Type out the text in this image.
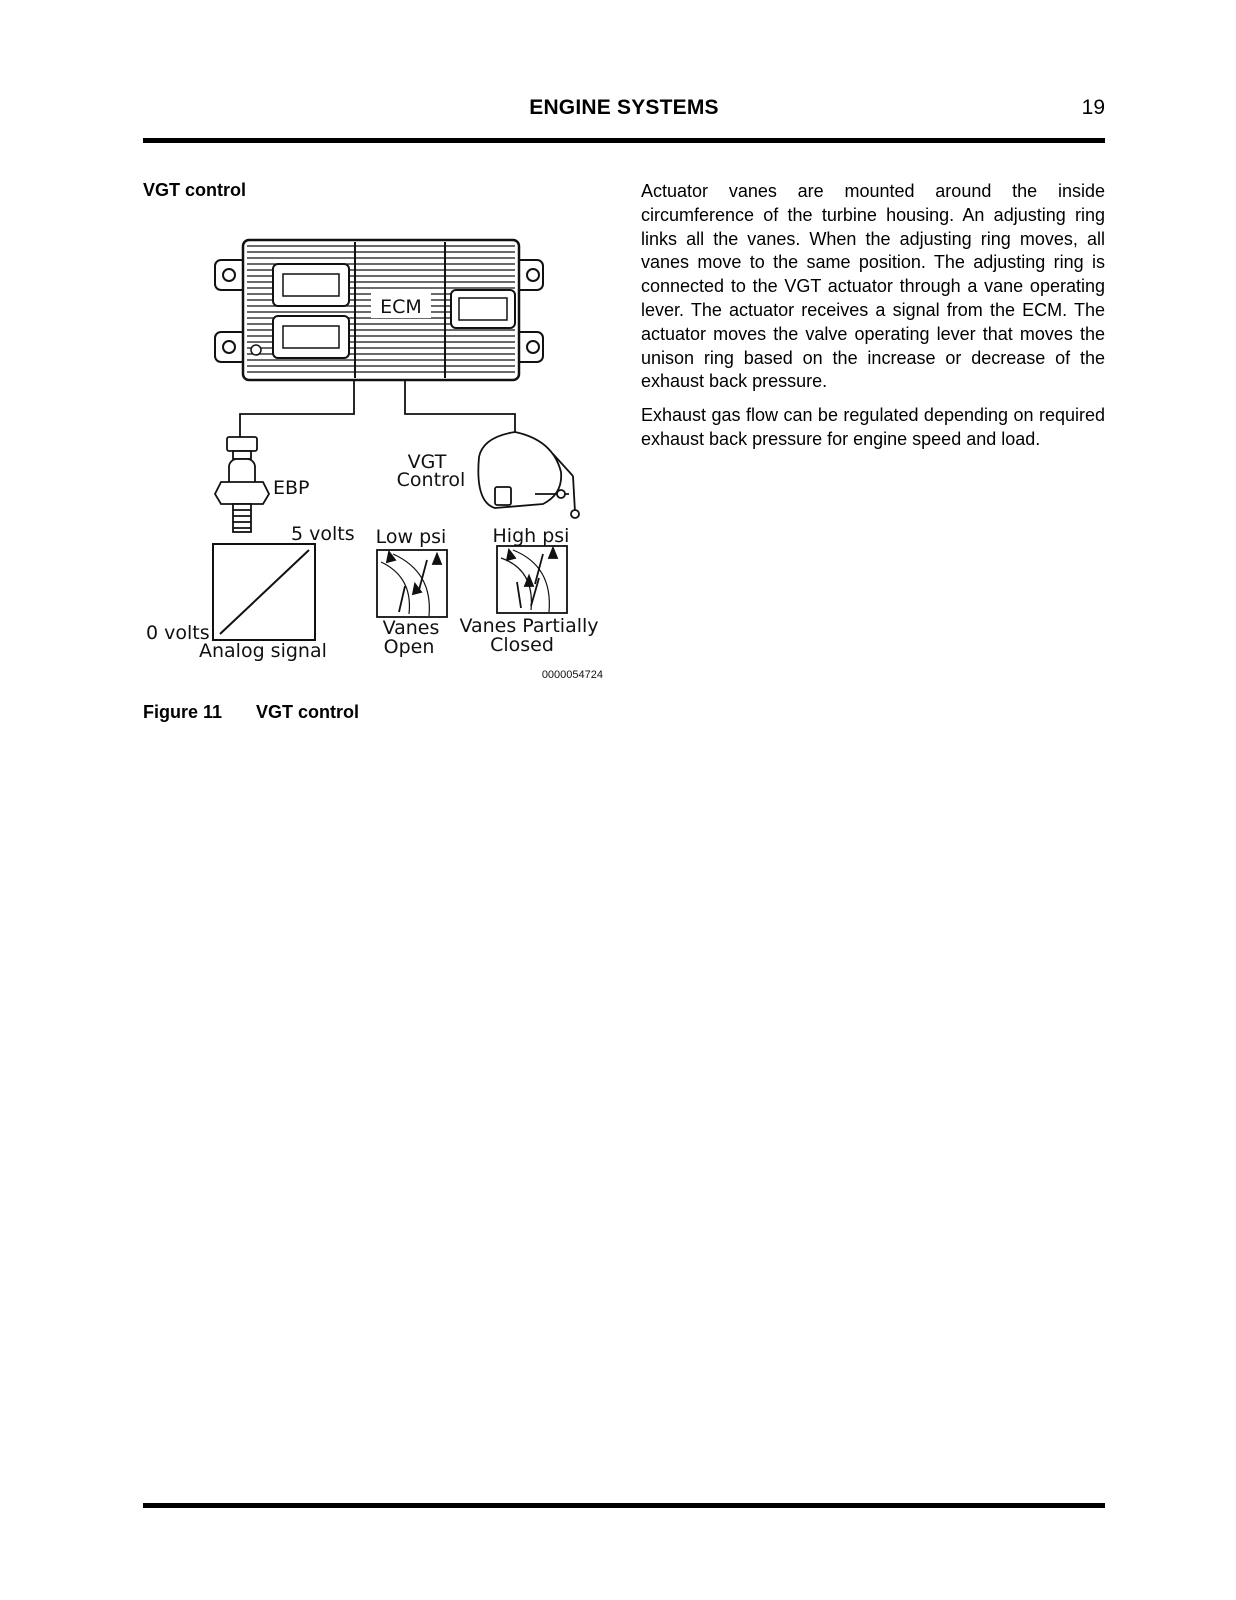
ENGINE SYSTEMS	19
VGT control
ECM
EBP
VGT
Control
5 volts
0 volts
Analog signal
Low psi
Vanes
Open
High psi
Vanes Partially
Closed
0000054724
Figure 11 VGT control

Actuator vanes are mounted around the inside circumference of the turbine housing. An adjusting ring links all the vanes. When the adjusting ring moves, all vanes move to the same position. The adjusting ring is connected to the VGT actuator through a vane operating lever. The actuator receives a signal from the ECM. The actuator moves the valve operating lever that moves the unison ring based on the increase or decrease of the exhaust back pressure.

Exhaust gas flow can be regulated depending on required exhaust back pressure for engine speed and load.
